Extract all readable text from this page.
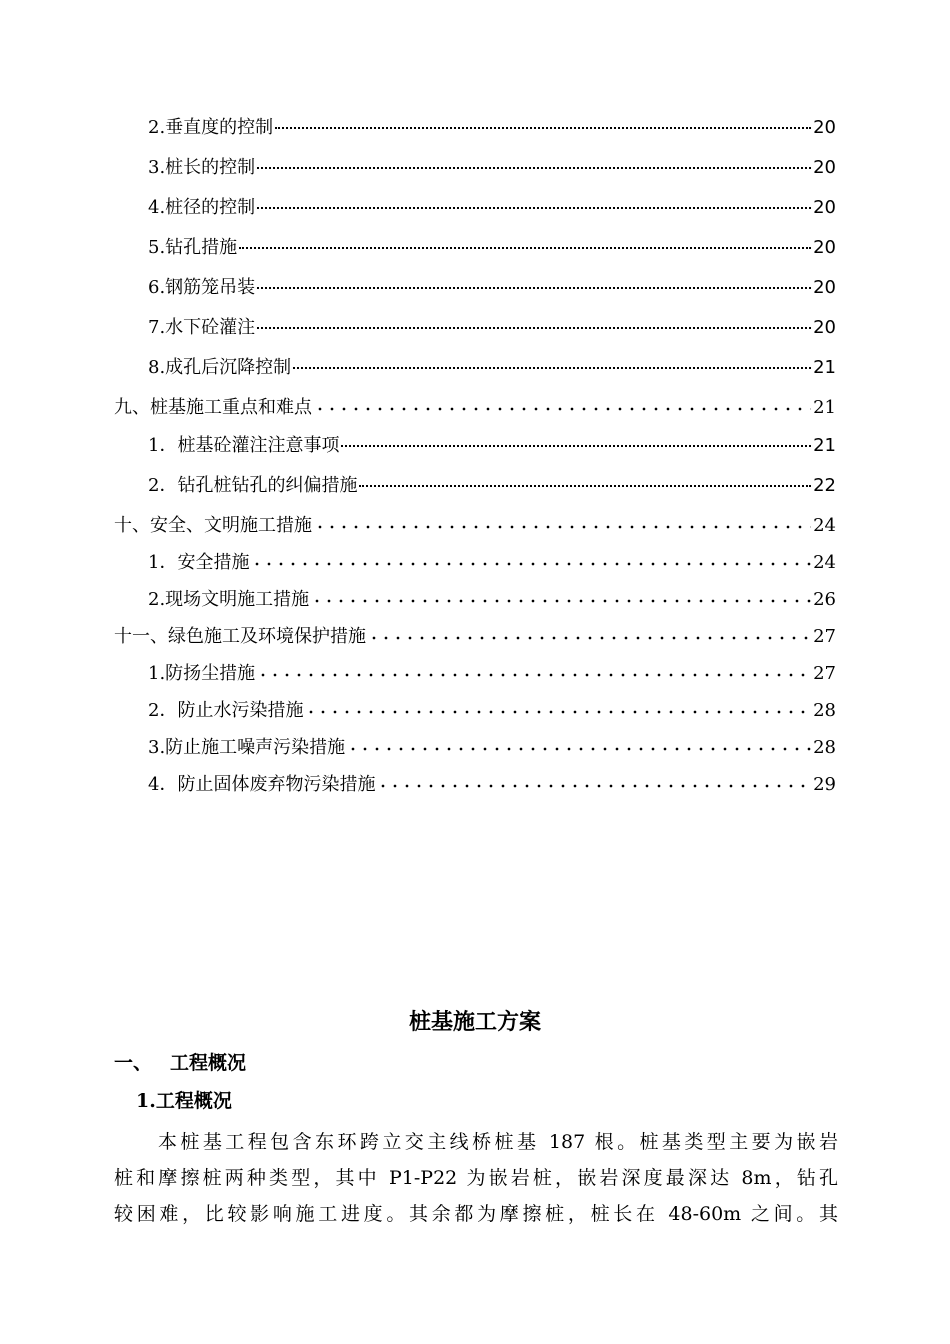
2.垂直度的控制	20
3.桩长的控制	20
4.桩径的控制	20
5.钻孔措施	20
6.钢筋笼吊装	20
7.水下砼灌注	20
8.成孔后沉降控制	21
九、桩基施工重点和难点	21
1．桩基砼灌注注意事项	21
2．钻孔桩钻孔的纠偏措施	22
十、安全、文明施工措施	24
1．安全措施	24
2.现场文明施工措施	26
十一、绿色施工及环境保护措施	27
1.防扬尘措施	27
2．防止水污染措施	28
3.防止施工噪声污染措施	28
4．防止固体废弃物污染措施	29
桩基施工方案
一、 工程概况
1.工程概况
本桩基工程包含东环跨立交主线桥桩基 187 根。桩基类型主要为嵌岩
桩和摩擦桩两种类型，其中 P1-P22 为嵌岩桩，嵌岩深度最深达 8m，钻孔
较困难，比较影响施工进度。其余都为摩擦桩，桩长在 48-60m 之间。其
